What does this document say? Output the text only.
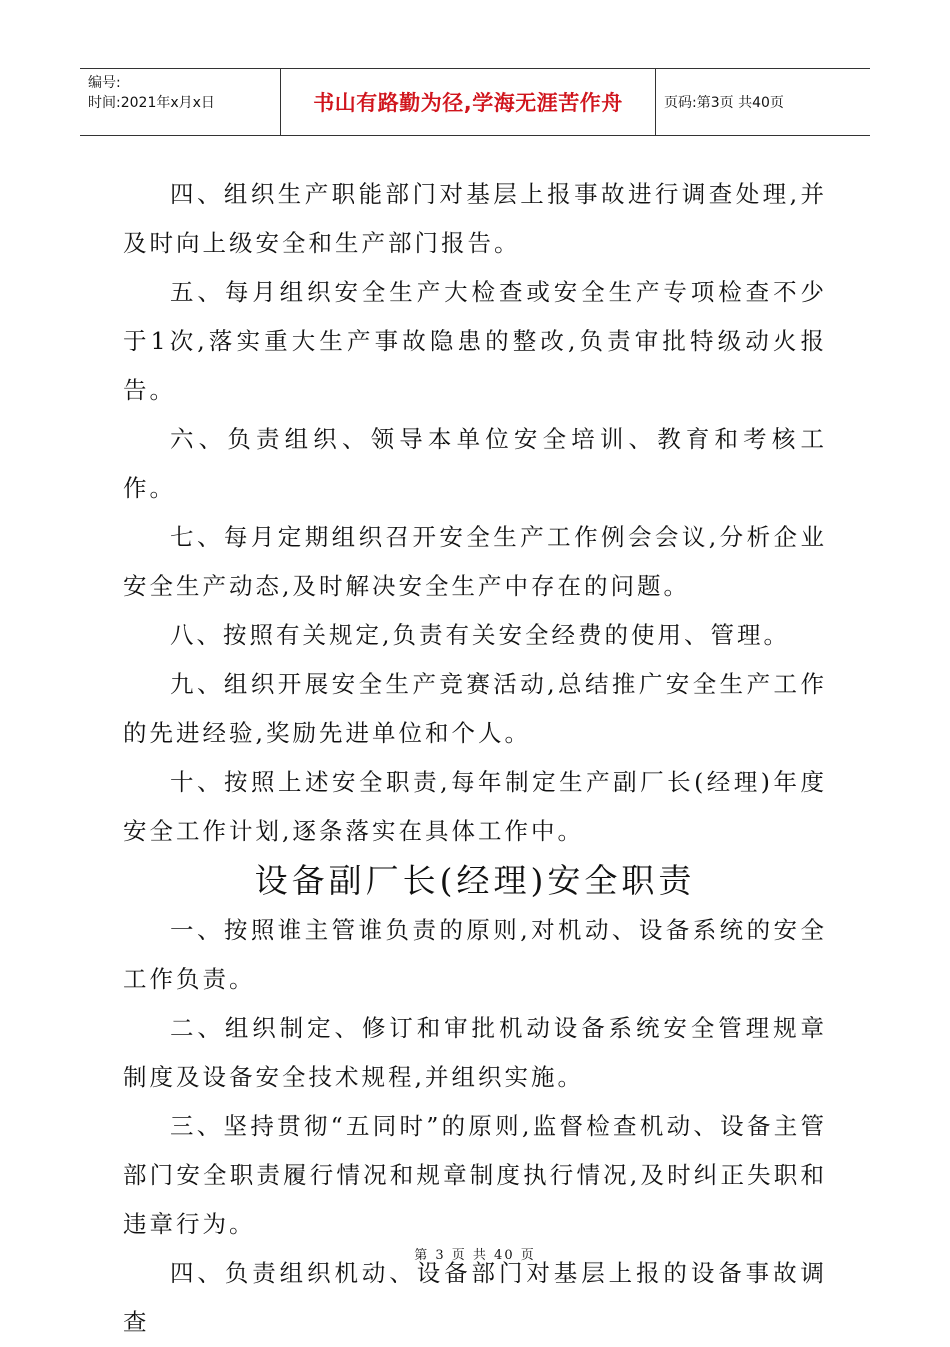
编号:
时间:2021年x月x日	书山有路勤为径,学海无涯苦作舟	页码:第3页 共40页

四、组织生产职能部门对基层上报事故进行调查处理,并及时向上级安全和生产部门报告。

五、每月组织安全生产大检查或安全生产专项检查不少于1次,落实重大生产事故隐患的整改,负责审批特级动火报告。

六、负责组织、领导本单位安全培训、教育和考核工作。

七、每月定期组织召开安全生产工作例会会议,分析企业安全生产动态,及时解决安全生产中存在的问题。

八、按照有关规定,负责有关安全经费的使用、管理。

九、组织开展安全生产竞赛活动,总结推广安全生产工作的先进经验,奖励先进单位和个人。

十、按照上述安全职责,每年制定生产副厂长(经理)年度安全工作计划,逐条落实在具体工作中。

设备副厂长(经理)安全职责

一、按照谁主管谁负责的原则,对机动、设备系统的安全工作负责。

二、组织制定、修订和审批机动设备系统安全管理规章制度及设备安全技术规程,并组织实施。

三、坚持贯彻“五同时”的原则,监督检查机动、设备主管部门安全职责履行情况和规章制度执行情况,及时纠正失职和违章行为。

四、负责组织机动、设备部门对基层上报的设备事故调查

第 3 页 共 40 页
